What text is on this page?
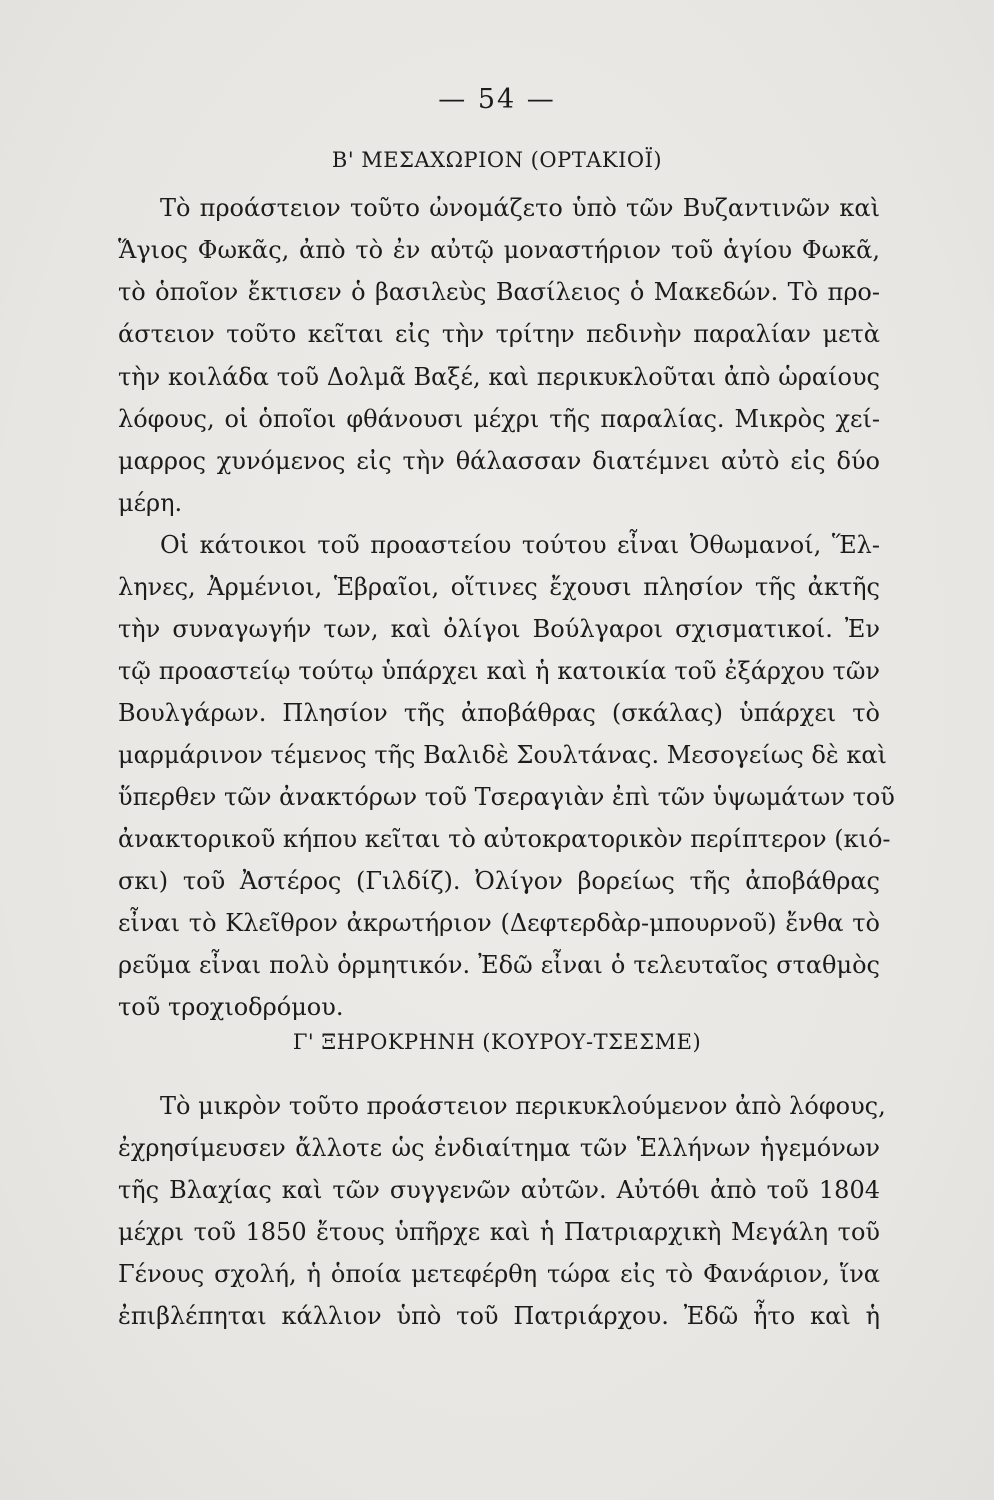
— 54 —
Β' ΜΕΣΑΧΩΡΙΟΝ (ΟΡΤΑΚΙΟΪ)
Τὸ προάστειον τοῦτο ὠνομάζετο ὑπὸ τῶν Βυζαντινῶν καὶ
Ἅγιος Φωκᾶς, ἀπὸ τὸ ἐν αὐτῷ μοναστήριον τοῦ ἁγίου Φωκᾶ,
τὸ ὁποῖον ἔκτισεν ὁ βασιλεὺς Βασίλειος ὁ Μακεδών. Τὸ προ-
άστειον τοῦτο κεῖται εἰς τὴν τρίτην πεδινὴν παραλίαν μετὰ
τὴν κοιλάδα τοῦ Δολμᾶ Βαξέ, καὶ περικυκλοῦται ἀπὸ ὡραίους
λόφους, οἱ ὁποῖοι φθάνουσι μέχρι τῆς παραλίας. Μικρὸς χεί-
μαρρος χυνόμενος εἰς τὴν θάλασσαν διατέμνει αὐτὸ εἰς δύο
μέρη.
Οἱ κάτοικοι τοῦ προαστείου τούτου εἶναι Ὀθωμανοί, Ἕλ-
ληνες, Ἀρμένιοι, Ἑβραῖοι, οἵτινες ἔχουσι πλησίον τῆς ἀκτῆς
τὴν συναγωγήν των, καὶ ὀλίγοι Βούλγαροι σχισματικοί. Ἐν
τῷ προαστείῳ τούτῳ ὑπάρχει καὶ ἡ κατοικία τοῦ ἐξάρχου τῶν
Βουλγάρων. Πλησίον τῆς ἀποβάθρας (σκάλας) ὑπάρχει τὸ
μαρμάρινον τέμενος τῆς Βαλιδὲ Σουλτάνας. Μεσογείως δὲ καὶ
ὕπερθεν τῶν ἀνακτόρων τοῦ Τσεραγιὰν ἐπὶ τῶν ὑψωμάτων τοῦ
ἀνακτορικοῦ κήπου κεῖται τὸ αὐτοκρατορικὸν περίπτερον (κιό-
σκι) τοῦ Ἀστέρος (Γιλδίζ). Ὀλίγον βορείως τῆς ἀποβάθρας
εἶναι τὸ Κλεῖθρον ἀκρωτήριον (Δεφτερδὰρ-μπουρνοῦ) ἔνθα τὸ
ρεῦμα εἶναι πολὺ ὁρμητικόν. Ἐδῶ εἶναι ὁ τελευταῖος σταθμὸς
τοῦ τροχιοδρόμου.
Γ' ΞΗΡΟΚΡΗΝΗ (ΚΟΥΡΟΥ-ΤΣΕΣΜΕ)
Τὸ μικρὸν τοῦτο προάστειον περικυκλούμενον ἀπὸ λόφους,
ἐχρησίμευσεν ἄλλοτε ὡς ἐνδιαίτημα τῶν Ἑλλήνων ἡγεμόνων
τῆς Βλαχίας καὶ τῶν συγγενῶν αὐτῶν. Αὐτόθι ἀπὸ τοῦ 1804
μέχρι τοῦ 1850 ἔτους ὑπῆρχε καὶ ἡ Πατριαρχικὴ Μεγάλη τοῦ
Γένους σχολή, ἡ ὁποία μετεφέρθη τώρα εἰς τὸ Φανάριον, ἵνα
ἐπιβλέπηται κάλλιον ὑπὸ τοῦ Πατριάρχου. Ἐδῶ ἦτο καὶ ἡ
